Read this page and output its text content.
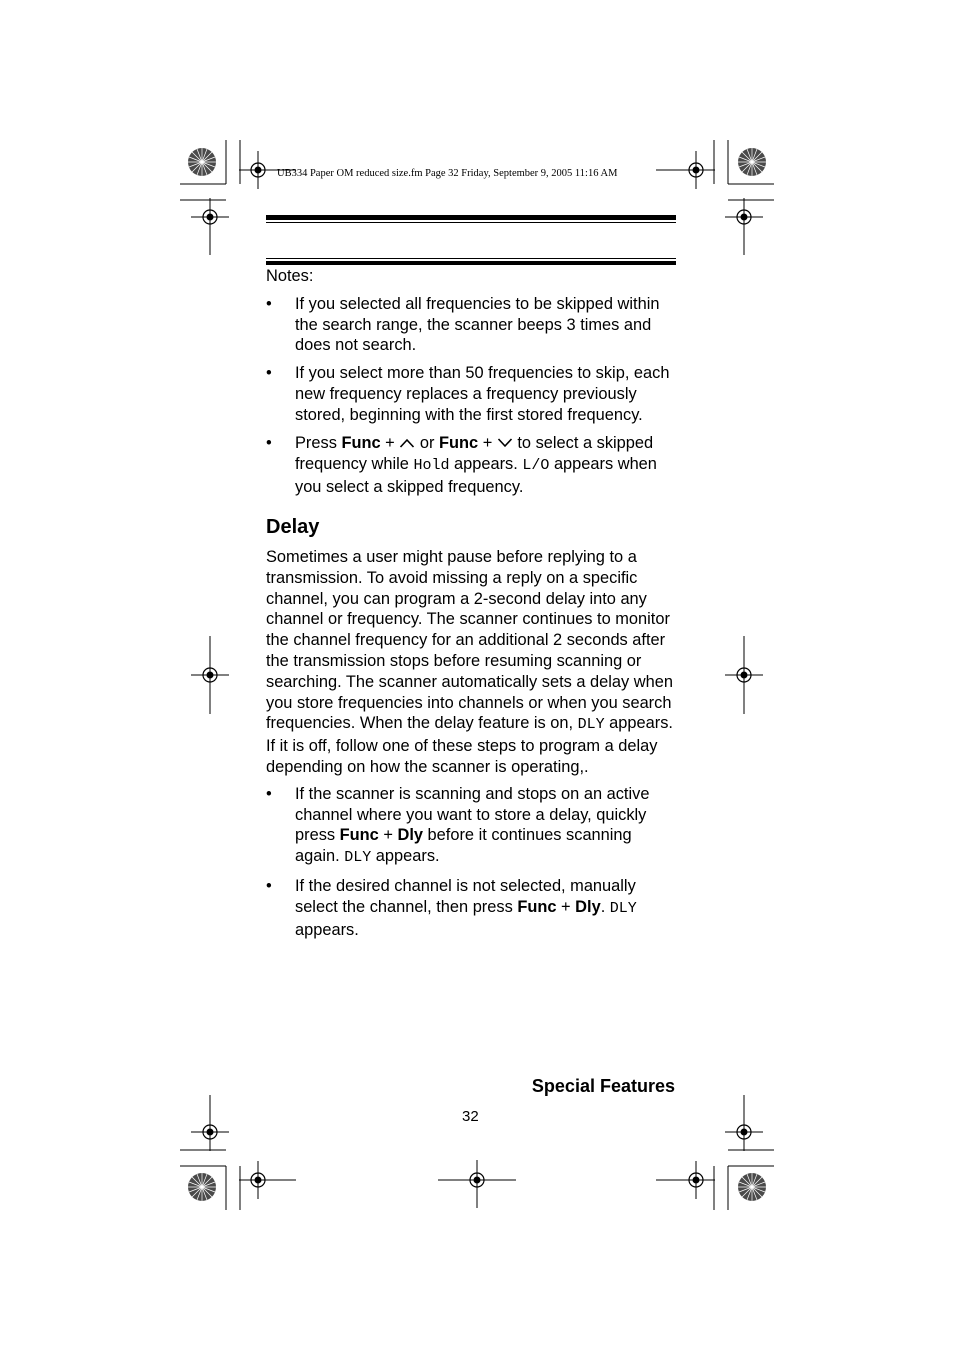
UB334 Paper OM reduced size.fm Page 32 Friday, September 9, 2005 11:16 AM

Notes:

• If you selected all frequencies to be skipped within the search range, the scanner beeps 3 times and does not search.
• If you select more than 50 frequencies to skip, each new frequency replaces a frequency previously stored, beginning with the first stored frequency.
• Press Func +  or Func +  to select a skipped frequency while Hold appears. L/O appears when you select a skipped frequency.
Delay

Sometimes a user might pause before replying to a transmission. To avoid missing a reply on a specific channel, you can program a 2-second delay into any channel or frequency. The scanner continues to monitor the channel frequency for an additional 2 seconds after the transmission stops before resuming scanning or searching. The scanner automatically sets a delay when you store frequencies into channels or when you search frequencies. When the delay feature is on, DLY appears. If it is off, follow one of these steps to program a delay depending on how the scanner is operating,.

• If the scanner is scanning and stops on an active channel where you want to store a delay, quickly press Func + Dly before it continues scanning again. DLY appears.
• If the desired channel is not selected, manually select the channel, then press Func + Dly. DLY appears.
Special Features
32
